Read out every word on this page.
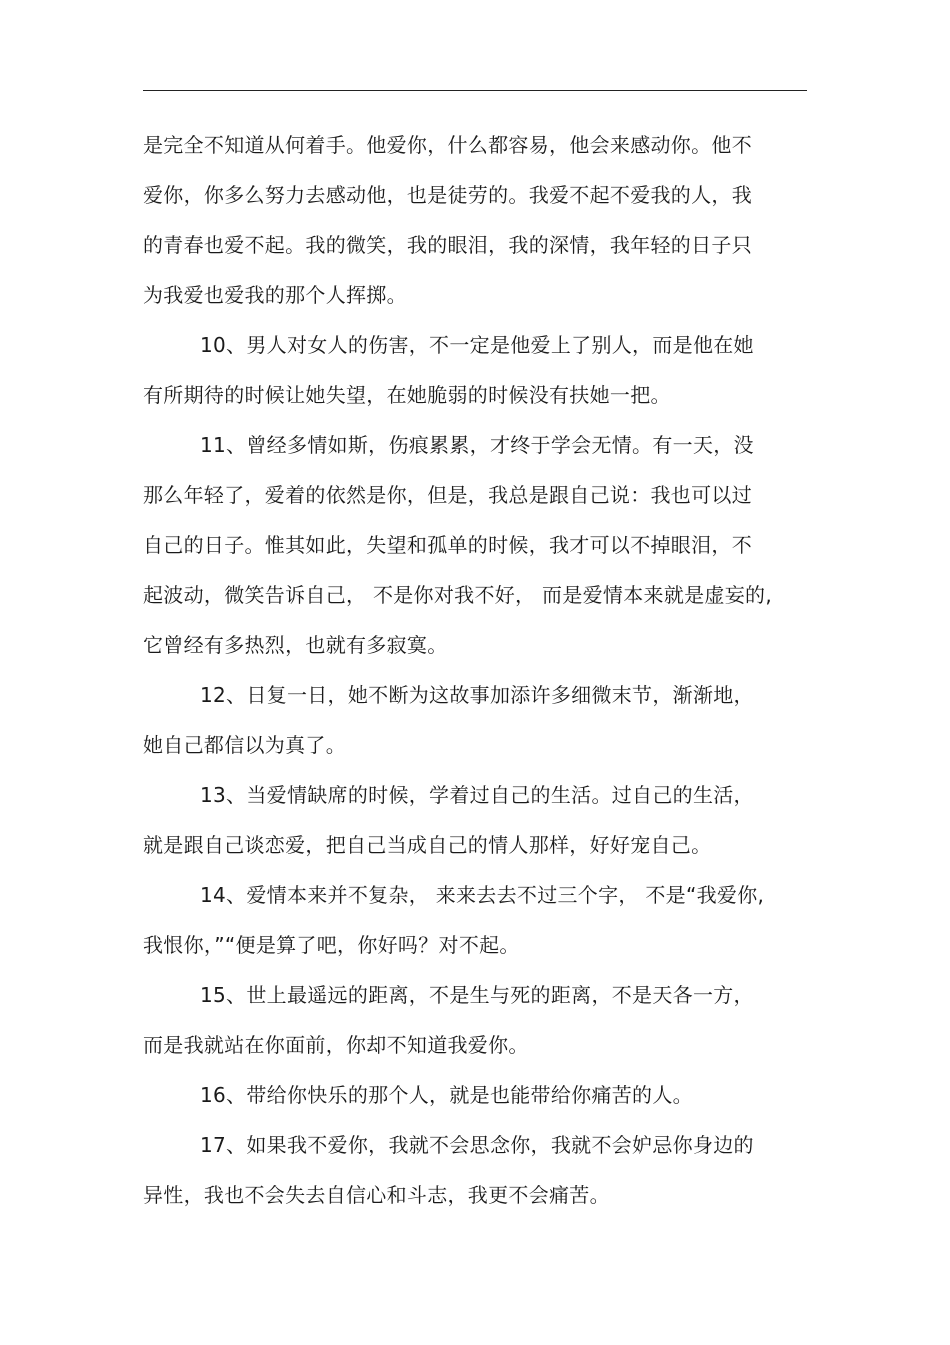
是完全不知道从何着手。他爱你，什么都容易，他会来感动你。他不
爱你，你多么努力去感动他，也是徒劳的。我爱不起不爱我的人，我
的青春也爱不起。我的微笑，我的眼泪，我的深情，我年轻的日子只
为我爱也爱我的那个人挥掷。
10、男人对女人的伤害，不一定是他爱上了别人，而是他在她
有所期待的时候让她失望，在她脆弱的时候没有扶她一把。
11、曾经多情如斯，伤痕累累，才终于学会无情。有一天，没
那么年轻了，爱着的依然是你，但是，我总是跟自己说：我也可以过
自己的日子。惟其如此，失望和孤单的时候，我才可以不掉眼泪，不
起波动，微笑告诉自己， 不是你对我不好， 而是爱情本来就是虚妄的,
它曾经有多热烈，也就有多寂寞。
12、日复一日，她不断为这故事加添许多细微末节，渐渐地，
她自己都信以为真了。
13、当爱情缺席的时候，学着过自己的生活。过自己的生活，
就是跟自己谈恋爱，把自己当成自己的情人那样，好好宠自己。
14、爱情本来并不复杂， 来来去去不过三个字， 不是“我爱你,
我恨你，”“便是算了吧，你好吗？对不起。
15、世上最遥远的距离，不是生与死的距离，不是天各一方，
而是我就站在你面前，你却不知道我爱你。
16、带给你快乐的那个人，就是也能带给你痛苦的人。
17、如果我不爱你，我就不会思念你，我就不会妒忌你身边的
异性，我也不会失去自信心和斗志，我更不会痛苦。
